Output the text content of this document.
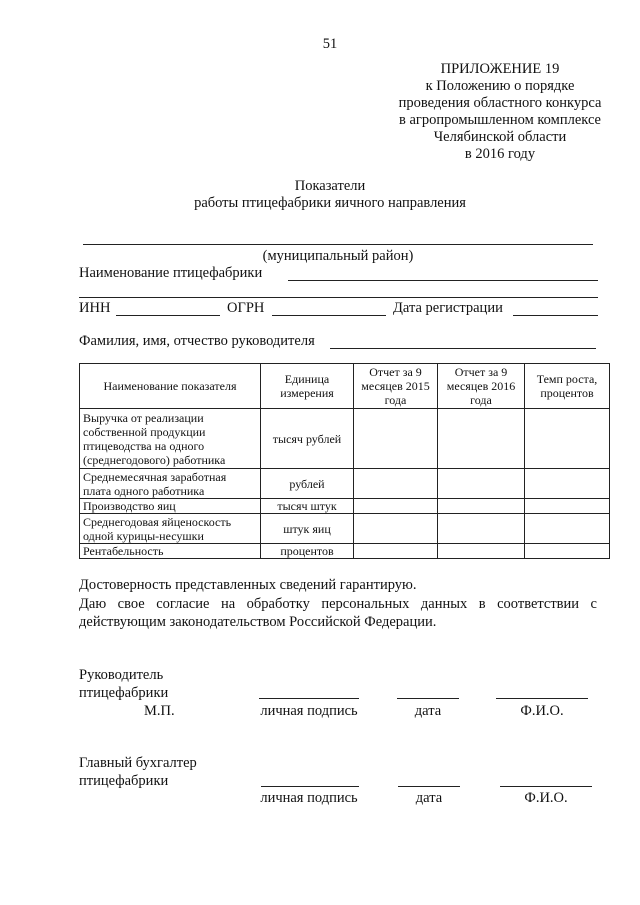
51
ПРИЛОЖЕНИЕ 19
к Положению о порядке
проведения областного конкурса
в агропромышленном комплексе
Челябинской области
в 2016 году
Показатели
работы птицефабрики яичного направления
(муниципальный район)
Наименование птицефабрики
ИНН	ОГРН	Дата регистрации
Фамилия, имя, отчество руководителя
Наименование показателя	Единица измерения	Отчет за 9 месяцев 2015 года	Отчет за 9 месяцев 2016 года	Темп роста, процентов
Выручка от реализации собственной продукции птицеводства на одного (среднегодового) работника	тысяч рублей			
Среднемесячная заработная плата одного работника	рублей			
Производство яиц	тысяч штук			
Среднегодовая яйценоскость одной курицы-несушки	штук яиц			
Рентабельность	процентов			
Достоверность представленных сведений гарантирую.
Даю свое согласие на обработку персональных данных в соответствии с
действующим законодательством Российской Федерации.
Руководитель
птицефабрики
М.П.	личная подпись	дата	Ф.И.О.
Главный бухгалтер
птицефабрики
личная подпись	дата	Ф.И.О.
